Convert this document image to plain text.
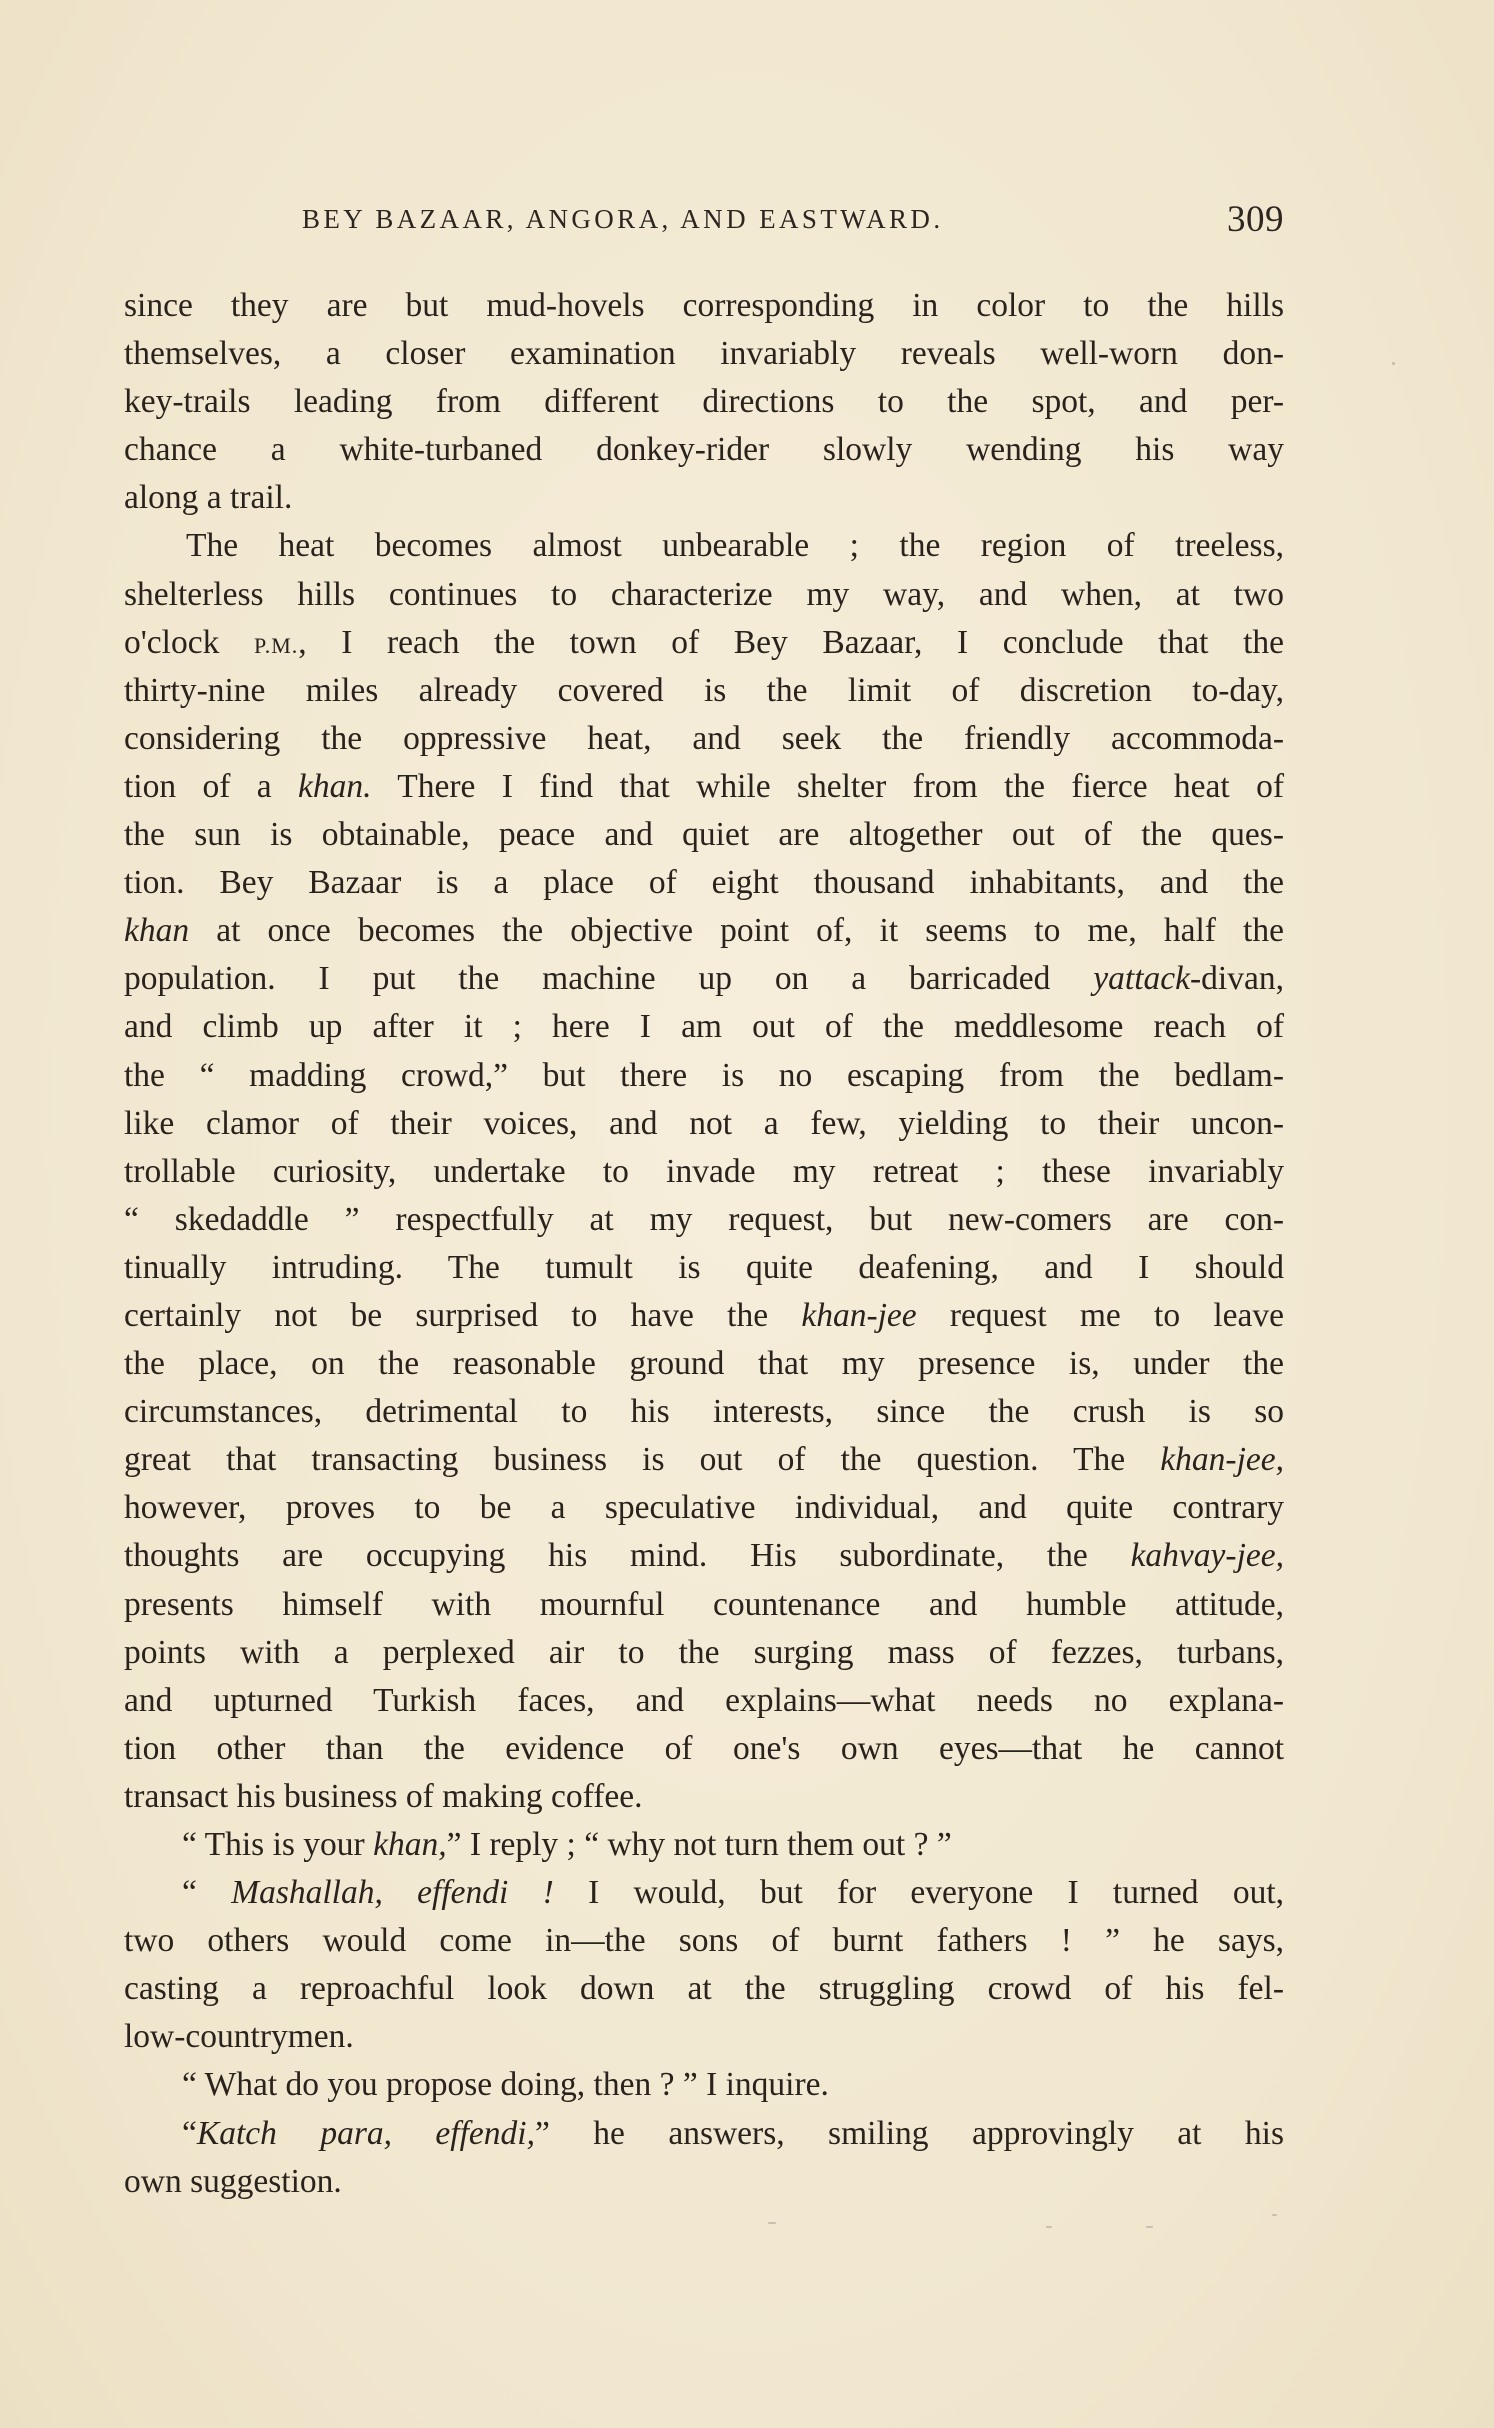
BEY BAZAAR, ANGORA, AND EASTWARD.	309
since they are but mud-hovels corresponding in color to the hills
themselves, a closer examination invariably reveals well-worn don-
key-trails leading from different directions to the spot, and per-
chance a white-turbaned donkey-rider slowly wending his way
along a trail.
The heat becomes almost unbearable ; the region of treeless,
shelterless hills continues to characterize my way, and when, at two
o'clock P.M., I reach the town of Bey Bazaar, I conclude that the
thirty-nine miles already covered is the limit of discretion to-day,
considering the oppressive heat, and seek the friendly accommoda-
tion of a khan. There I find that while shelter from the fierce heat of
the sun is obtainable, peace and quiet are altogether out of the ques-
tion. Bey Bazaar is a place of eight thousand inhabitants, and the
khan at once becomes the objective point of, it seems to me, half the
population. I put the machine up on a barricaded yattack-divan,
and climb up after it ; here I am out of the meddlesome reach of
the “ madding crowd,” but there is no escaping from the bedlam-
like clamor of their voices, and not a few, yielding to their uncon-
trollable curiosity, undertake to invade my retreat ; these invariably
“ skedaddle ” respectfully at my request, but new-comers are con-
tinually intruding. The tumult is quite deafening, and I should
certainly not be surprised to have the khan-jee request me to leave
the place, on the reasonable ground that my presence is, under the
circumstances, detrimental to his interests, since the crush is so
great that transacting business is out of the question. The khan-jee,
however, proves to be a speculative individual, and quite contrary
thoughts are occupying his mind. His subordinate, the kahvay-jee,
presents himself with mournful countenance and humble attitude,
points with a perplexed air to the surging mass of fezzes, turbans,
and upturned Turkish faces, and explains—what needs no explana-
tion other than the evidence of one's own eyes—that he cannot
transact his business of making coffee.
“ This is your khan,” I reply ; “ why not turn them out ? ”
“ Mashallah, effendi ! I would, but for everyone I turned out,
two others would come in—the sons of burnt fathers ! ” he says,
casting a reproachful look down at the struggling crowd of his fel-
low-countrymen.
“ What do you propose doing, then ? ” I inquire.
“Katch para, effendi,” he answers, smiling approvingly at his
own suggestion.
